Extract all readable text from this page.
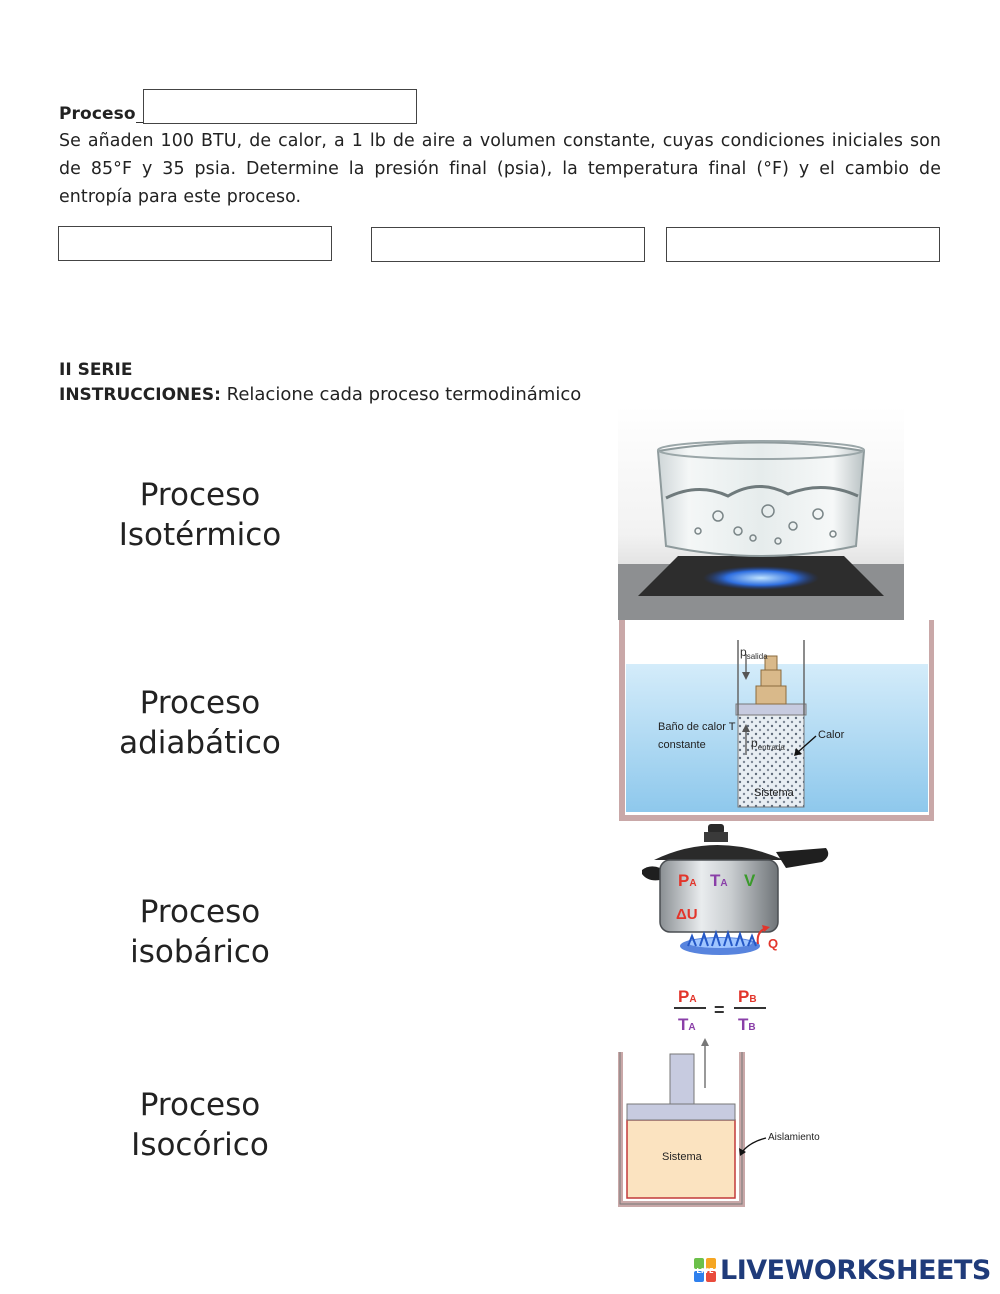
Proceso

Se añaden 100 BTU, de calor, a 1 lb de aire a volumen constante, cuyas condiciones iniciales son de 85°F y 35 psia. Determine la presión final (psia), la temperatura final (°F) y el cambio de entropía para este proceso.

II SERIE
INSTRUCCIONES: Relacione cada proceso termodinámico
Proceso
Isotérmico
Proceso
adiabático
Proceso
isobárico
Proceso
Isocórico
$p_{salida}$
$p_{entrada}$
Baño de calor T
constante
Calor
Sistema
PA TA V
ΔU
Q
PA
TA
=
PB
TB
Sistema
Aislamiento
LIVE LIVEWORKSHEETS
